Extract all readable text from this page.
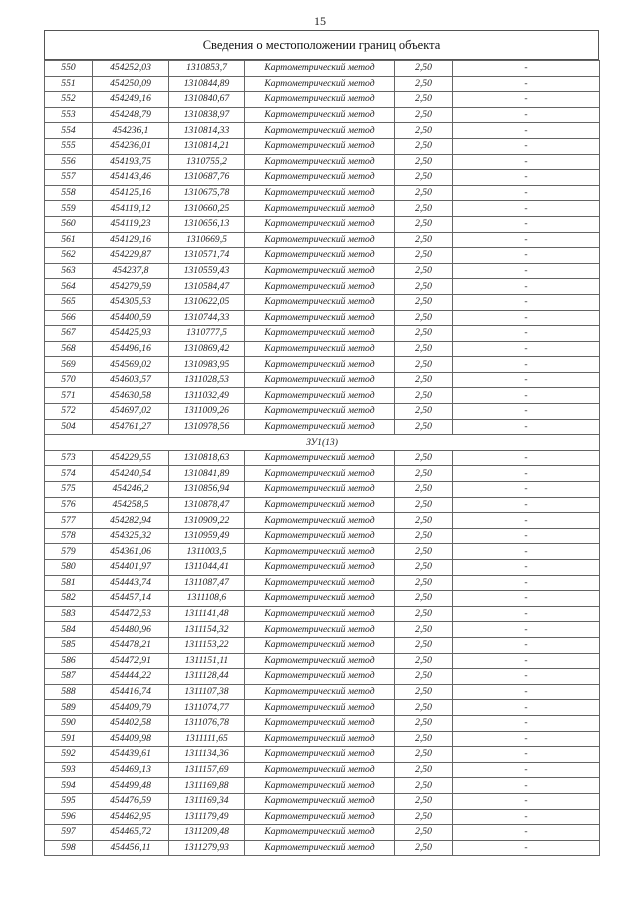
15
Сведения о местоположении границ объекта
550	454252,03	1310853,7	Картометрический метод	2,50	-
551	454250,09	1310844,89	Картометрический метод	2,50	-
552	454249,16	1310840,67	Картометрический метод	2,50	-
553	454248,79	1310838,97	Картометрический метод	2,50	-
554	454236,1	1310814,33	Картометрический метод	2,50	-
555	454236,01	1310814,21	Картометрический метод	2,50	-
556	454193,75	1310755,2	Картометрический метод	2,50	-
557	454143,46	1310687,76	Картометрический метод	2,50	-
558	454125,16	1310675,78	Картометрический метод	2,50	-
559	454119,12	1310660,25	Картометрический метод	2,50	-
560	454119,23	1310656,13	Картометрический метод	2,50	-
561	454129,16	1310669,5	Картометрический метод	2,50	-
562	454229,87	1310571,74	Картометрический метод	2,50	-
563	454237,8	1310559,43	Картометрический метод	2,50	-
564	454279,59	1310584,47	Картометрический метод	2,50	-
565	454305,53	1310622,05	Картометрический метод	2,50	-
566	454400,59	1310744,33	Картометрический метод	2,50	-
567	454425,93	1310777,5	Картометрический метод	2,50	-
568	454496,16	1310869,42	Картометрический метод	2,50	-
569	454569,02	1310983,95	Картометрический метод	2,50	-
570	454603,57	1311028,53	Картометрический метод	2,50	-
571	454630,58	1311032,49	Картометрический метод	2,50	-
572	454697,02	1311009,26	Картометрический метод	2,50	-
504	454761,27	1310978,56	Картометрический метод	2,50	-
ЗУ1(13)					
573	454229,55	1310818,63	Картометрический метод	2,50	-
574	454240,54	1310841,89	Картометрический метод	2,50	-
575	454246,2	1310856,94	Картометрический метод	2,50	-
576	454258,5	1310878,47	Картометрический метод	2,50	-
577	454282,94	1310909,22	Картометрический метод	2,50	-
578	454325,32	1310959,49	Картометрический метод	2,50	-
579	454361,06	1311003,5	Картометрический метод	2,50	-
580	454401,97	1311044,41	Картометрический метод	2,50	-
581	454443,74	1311087,47	Картометрический метод	2,50	-
582	454457,14	1311108,6	Картометрический метод	2,50	-
583	454472,53	1311141,48	Картометрический метод	2,50	-
584	454480,96	1311154,32	Картометрический метод	2,50	-
585	454478,21	1311153,22	Картометрический метод	2,50	-
586	454472,91	1311151,11	Картометрический метод	2,50	-
587	454444,22	1311128,44	Картометрический метод	2,50	-
588	454416,74	1311107,38	Картометрический метод	2,50	-
589	454409,79	1311074,77	Картометрический метод	2,50	-
590	454402,58	1311076,78	Картометрический метод	2,50	-
591	454409,98	1311111,65	Картометрический метод	2,50	-
592	454439,61	1311134,36	Картометрический метод	2,50	-
593	454469,13	1311157,69	Картометрический метод	2,50	-
594	454499,48	1311169,88	Картометрический метод	2,50	-
595	454476,59	1311169,34	Картометрический метод	2,50	-
596	454462,95	1311179,49	Картометрический метод	2,50	-
597	454465,72	1311209,48	Картометрический метод	2,50	-
598	454456,11	1311279,93	Картометрический метод	2,50	-
